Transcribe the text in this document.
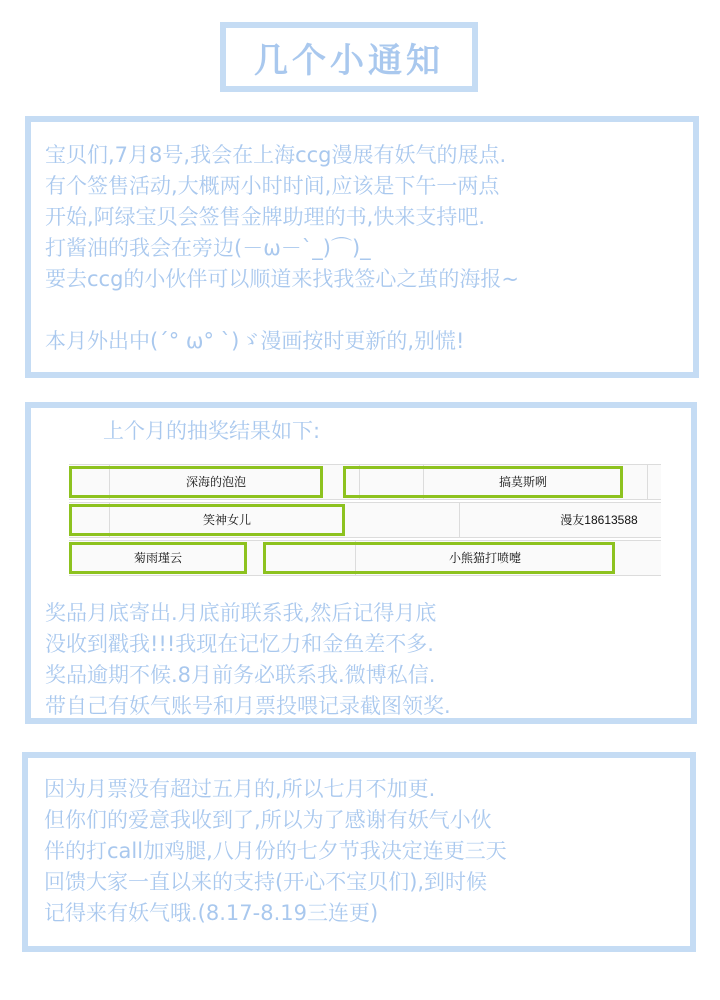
几个小通知
宝贝们,7月8号,我会在上海ccg漫展有妖气的展点.
有个签售活动,大概两小时时间,应该是下午一两点
开始,阿绿宝贝会签售金牌助理的书,快来支持吧.
打酱油的我会在旁边(－ω－`_)⌒)_
要去ccg的小伙伴可以顺道来找我签心之茧的海报~
本月外出中(´° ω° `)ゞ漫画按时更新的,别慌!
上个月的抽奖结果如下:
深海的泡泡	搞莫斯咧
笑神女儿	漫友18613588
菊雨瑾云	小熊猫打喷嚏
奖品月底寄出.月底前联系我,然后记得月底
没收到戳我!!!我现在记忆力和金鱼差不多.
奖品逾期不候.8月前务必联系我.微博私信.
带自己有妖气账号和月票投喂记录截图领奖.
因为月票没有超过五月的,所以七月不加更.
但你们的爱意我收到了,所以为了感谢有妖气小伙
伴的打call加鸡腿,八月份的七夕节我决定连更三天
回馈大家一直以来的支持(开心不宝贝们),到时候
记得来有妖气哦.(8.17-8.19三连更)
